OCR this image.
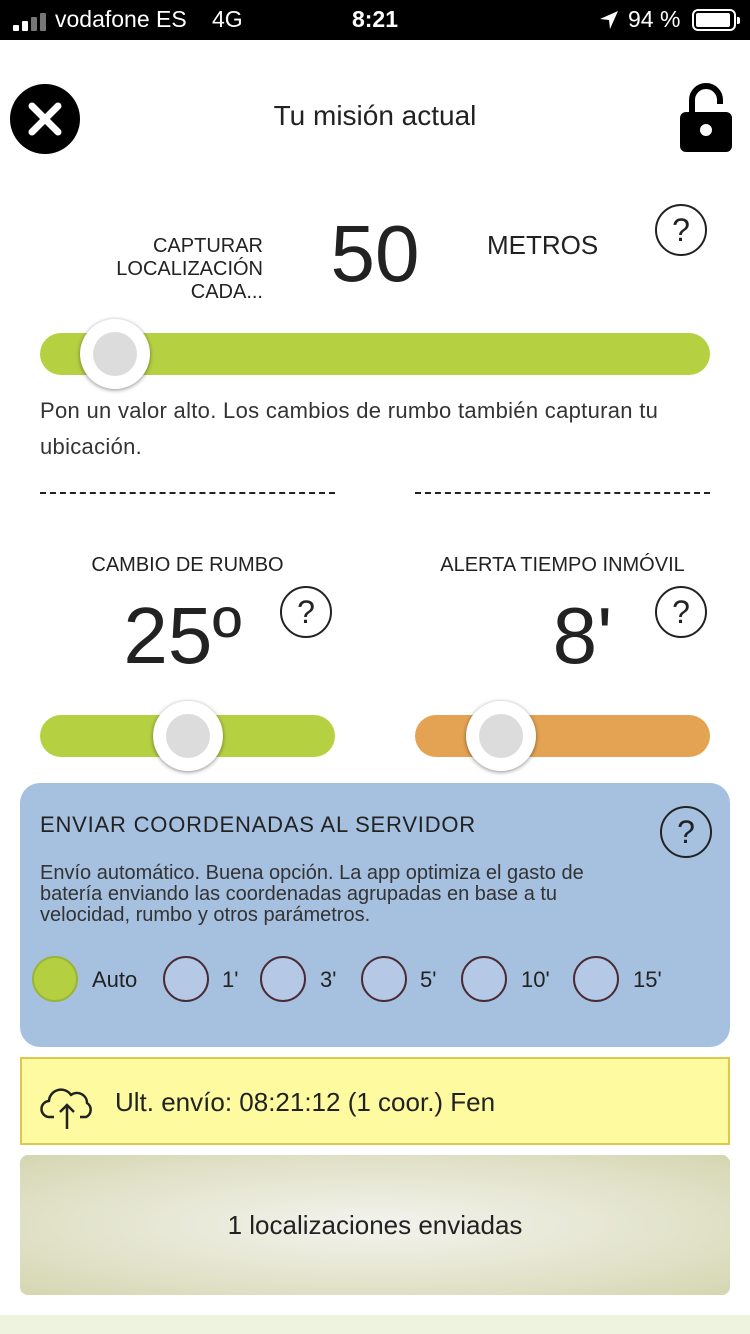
vodafone ES 4G	8:21	94 %
Tu misión actual
CAPTURAR
LOCALIZACIÓN
CADA... 50	METROS	?
Pon un valor alto. Los cambios de rumbo también capturan tu ubicación.
CAMBIO DE RUMBO
25º	?
ALERTA TIEMPO INMÓVIL
8'	?
ENVIAR COORDENADAS AL SERVIDOR	?
Envío automático. Buena opción. La app optimiza el gasto de
batería enviando las coordenadas agrupadas en base a tu
velocidad, rumbo y otros parámetros.
Auto	1'	3'	5'	10'	15'
Ult. envío: 08:21:12 (1 coor.) Fen
1 localizaciones enviadas
